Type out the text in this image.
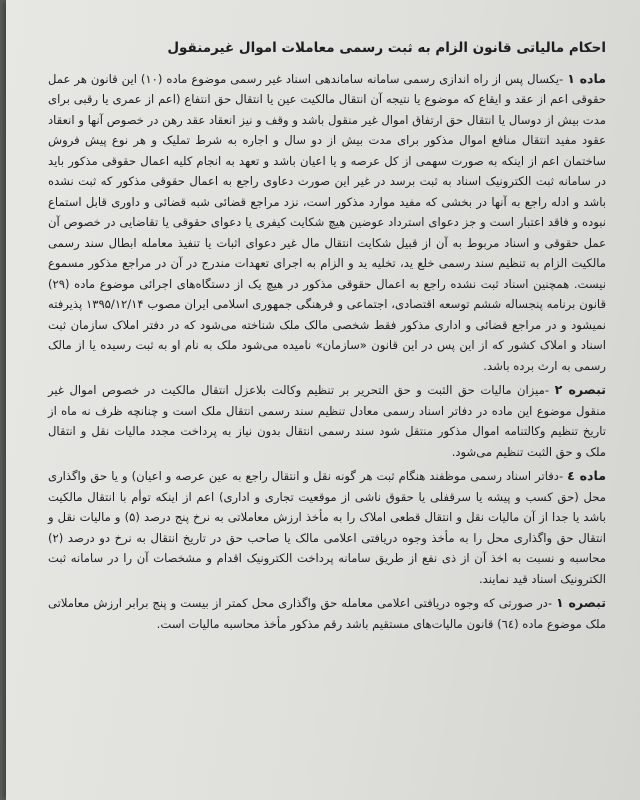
احکام مالیاتی قانون الزام به ثبت رسمی معاملات اموال غیرمنقول

ماده ۱ -یکسال پس از راه اندازی رسمی سامانه ساماندهی اسناد غیر رسمی موضوع ماده (۱۰) این قانون هر عمل حقوقی اعم از عقد و ایقاع که موضوع یا نتیجه آن انتقال مالکیت عین یا انتقال حق انتفاع (اعم از عمری یا رقبی برای مدت بیش از دوسال یا انتقال حق ارتفاق اموال غیر منقول باشد و وقف و نیز انعقاد عقد رهن در خصوص آنها و انعقاد عقود مفید انتقال منافع اموال مذکور برای مدت بیش از دو سال و اجاره به شرط تملیک و هر نوع پیش فروش ساختمان اعم از اینکه به صورت سهمی از کل عرصه و یا اعیان باشد و تعهد به انجام کلیه اعمال حقوقی مذکور باید در سامانه ثبت الکترونیک اسناد به ثبت برسد در غیر این صورت دعاوی راجع به اعمال حقوقی مذکور که ثبت نشده باشد و ادله راجع به آنها در بخشی که مفید موارد مذکور است، نزد مراجع قضائی شبه قضائی و داوری قابل استماع نبوده و فاقد اعتبار است و جز دعوای استرداد عوضین هیچ شکایت کیفری یا دعوای حقوقی یا تقاضایی در خصوص آن عمل حقوقی و اسناد مربوط به آن از قبیل شکایت انتقال مال غیر دعوای اثبات یا تنفیذ معامله ابطال سند رسمی مالکیت الزام به تنظیم سند رسمی خلع ید، تخلیه ید و الزام به اجرای تعهدات مندرج در آن در مراجع مذکور مسموع نیست. همچنین اسناد ثبت نشده راجع به اعمال حقوقی مذکور در هیچ یک از دستگاه‌های اجرائی موضوع ماده (۲۹) قانون برنامه پنجساله ششم توسعه اقتصادی، اجتماعی و فرهنگی جمهوری اسلامی ایران مصوب ۱۳۹۵/۱۲/۱۴ پذیرفته نمیشود و در مراجع قضائی و اداری مذکور فقط شخصی مالک ملک شناخته می‌شود که در دفتر املاک سازمان ثبت اسناد و املاک کشور که از این پس در این قانون «سازمان» نامیده می‌شود ملک به نام او به ثبت رسیده یا از مالک رسمی به ارث برده باشد.

تبصره ۲ -میزان مالیات حق الثبت و حق التحریر بر تنظیم وکالت بلاعزل انتقال مالکیت در خصوص اموال غیر منقول موضوع این ماده در دفاتر اسناد رسمی معادل تنظیم سند رسمی انتقال ملک است و چنانچه ظرف نه ماه از تاریخ تنظیم وکالتنامه اموال مذکور منتقل شود سند رسمی انتقال بدون نیاز به پرداخت مجدد مالیات نقل و انتقال ملک و حق الثبت تنظیم می‌شود.

ماده ٤ -دفاتر اسناد رسمی موظفند هنگام ثبت هر گونه نقل و انتقال راجع به عین عرصه و اعیان) و یا حق واگذاری محل (حق کسب و پیشه یا سرقفلی یا حقوق ناشی از موقعیت تجاری و اداری) اعم از اینکه توأم با انتقال مالکیت باشد یا جدا از آن مالیات نقل و انتقال قطعی املاک را به مأخذ ارزش معاملاتی به نرخ پنج درصد (۵) و مالیات نقل و انتقال حق واگذاری محل را به مأخذ وجوه دریافتی اعلامی مالک یا صاحب حق در تاریخ انتقال به نرخ دو درصد (۲) محاسبه و نسبت به اخذ آن از ذی نفع از طریق سامانه پرداخت الکترونیک اقدام و مشخصات آن را در سامانه ثبت الکترونیک اسناد قید نمایند.

تبصره ۱ -در صورتی که وجوه دریافتی اعلامی معامله حق واگذاری محل کمتر از بیست و پنج برابر ارزش معاملاتی ملک موضوع ماده (٦٤) قانون مالیات‌های مستقیم باشد رقم مذکور مأخذ محاسبه مالیات است.
